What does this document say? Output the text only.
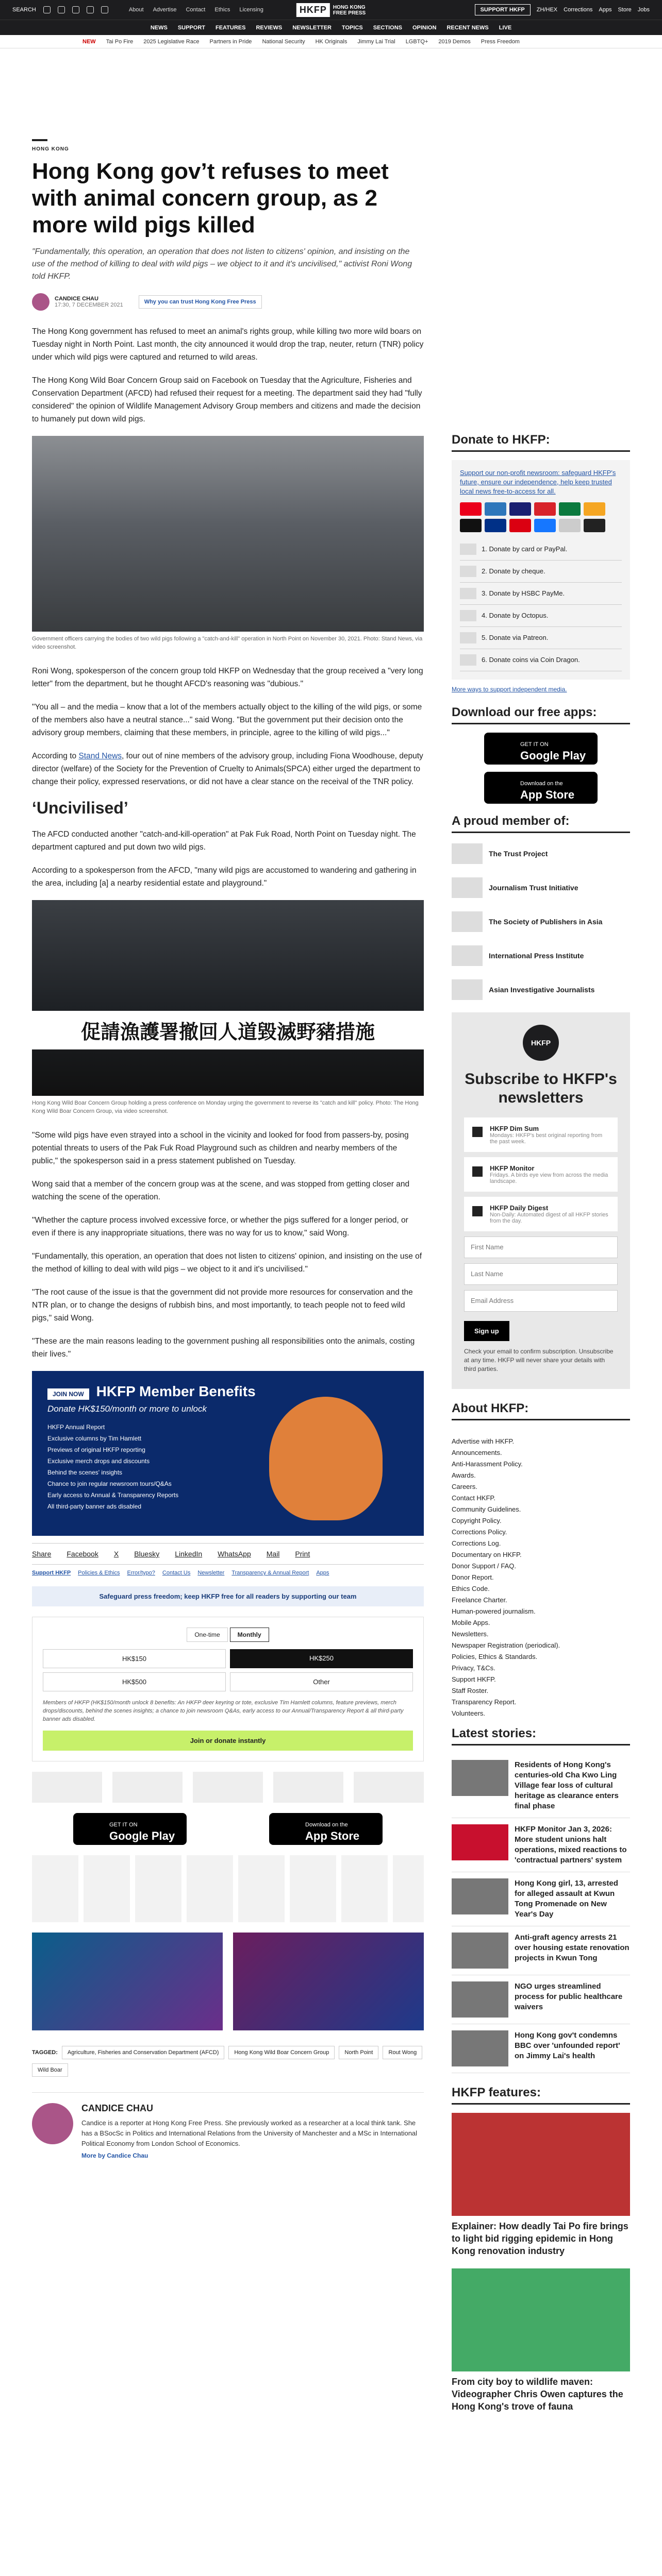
SEARCH	About Advertise Contact Ethics Licensing	HKFP	HONG KONG
FREE PRESS	SUPPORT HKFP	ZH/HEX Corrections Apps Store Jobs
NEWS SUPPORT FEATURES REVIEWS NEWSLETTER TOPICS SECTIONS OPINION RECENT NEWS LIVE
NEW Tai Po Fire 2025 Legislative Race Partners in Pride National Security HK Originals Jimmy Lai Trial LGBTQ+ 2019 Demos Press Freedom
HONG KONG
Hong Kong gov’t refuses to meet with animal concern group, as 2 more wild pigs killed

"Fundamentally, this operation, an operation that does not listen to citizens' opinion, and insisting on the use of the method of killing to deal with wild pigs – we object to it and it's uncivilised," activist Roni Wong told HKFP.

CANDICE CHAU
17:30, 7 DECEMBER 2021	Why you can trust Hong Kong Free Press

The Hong Kong government has refused to meet an animal's rights group, while killing two more wild boars on Tuesday night in North Point. Last month, the city announced it would drop the trap, neuter, return (TNR) policy under which wild pigs were captured and returned to wild areas.

The Hong Kong Wild Boar Concern Group said on Facebook on Tuesday that the Agriculture, Fisheries and Conservation Department (AFCD) had refused their request for a meeting. The department said they had "fully considered" the opinion of Wildlife Management Advisory Group members and citizens and made the decision to humanely put down wild pigs.

Government officers carrying the bodies of two wild pigs following a "catch-and-kill" operation in North Point on November 30, 2021. Photo: Stand News, via video screenshot.

Roni Wong, spokesperson of the concern group told HKFP on Wednesday that the group received a "very long letter" from the department, but he thought AFCD's reasoning was "dubious."

"You all – and the media – know that a lot of the members actually object to the killing of the wild pigs, or some of the members also have a neutral stance..." said Wong. "But the government put their decision onto the advisory group members, claiming that these members, in principle, agree to the killing of wild pigs..."

According to Stand News, four out of nine members of the advisory group, including Fiona Woodhouse, deputy director (welfare) of the Society for the Prevention of Cruelty to Animals(SPCA) either urged the department to change their policy, expressed reservations, or did not have a clear stance on the receival of the TNR policy.

‘Uncivilised’

The AFCD conducted another "catch-and-kill-operation" at Pak Fuk Road, North Point on Tuesday night. The department captured and put down two wild pigs.

According to a spokesperson from the AFCD, "many wild pigs are accustomed to wandering and gathering in the area, including [a] a nearby residential estate and playground."

促請漁護署撤回人道毀滅野豬措施
Hong Kong Wild Boar Concern Group holding a press conference on Monday urging the government to reverse its "catch and kill" policy. Photo: The Hong Kong Wild Boar Concern Group, via video screenshot.

"Some wild pigs have even strayed into a school in the vicinity and looked for food from passers-by, posing potential threats to users of the Pak Fuk Road Playground such as children and nearby members of the public," the spokesperson said in a press statement published on Tuesday.

Wong said that a member of the concern group was at the scene, and was stopped from getting closer and watching the scene of the operation.

"Whether the capture process involved excessive force, or whether the pigs suffered for a longer period, or even if there is any inappropriate situations, there was no way for us to know," said Wong.

"Fundamentally, this operation, an operation that does not listen to citizens' opinion, and insisting on the use of the method of killing to deal with wild pigs – we object to it and it's uncivilised."

"The root cause of the issue is that the government did not provide more resources for conservation and the NTR plan, or to change the designs of rubbish bins, and most importantly, to teach people not to feed wild pigs," said Wong.

"These are the main reasons leading to the government pushing all responsibilities onto the animals, costing their lives."

JOIN NOW HKFP Member Benefits
Donate HK$150/month or more to unlock
HKFP Annual Report
Exclusive columns by Tim Hamlett
Previews of original HKFP reporting
Exclusive merch drops and discounts
Behind the scenes' insights
Chance to join regular newsroom tours/Q&As
Early access to Annual & Transparency Reports
All third-party banner ads disabled
Share Facebook X Bluesky LinkedIn WhatsApp Mail Print
Support HKFP Policies & Ethics Error/typo? Contact Us Newsletter Transparency & Annual Report Apps
Safeguard press freedom; keep HKFP free for all readers by supporting our team
One-time	Monthly
HK$150	HK$250
HK$500	Other

Members of HKFP (HK$150/month unlock 8 benefits: An HKFP deer keyring or tote, exclusive Tim Hamlett columns, feature previews, merch drops/discounts, behind the scenes insights; a chance to join newsroom Q&As, early access to our Annual/Transparency Report & all third-party banner ads disabled.

Join or donate instantly
GET IT ON
Google Play
Download on the
App Store
TAGGED:	Agriculture, Fisheries and Conservation Department (AFCD)	Hong Kong Wild Boar Concern Group	North Point	Rout Wong
Wild Boar
CANDICE CHAU

Candice is a reporter at Hong Kong Free Press. She previously worked as a researcher at a local think tank. She has a BSocSc in Politics and International Relations from the University of Manchester and a MSc in International Political Economy from London School of Economics.

More by Candice Chau
Donate to HKFP:

Support our non-profit newsroom: safeguard HKFP's future, ensure our independence, help keep trusted local news free-to-access for all.

1. Donate by card or PayPal.
2. Donate by cheque.
3. Donate by HSBC PayMe.
4. Donate by Octopus.
5. Donate via Patreon.
6. Donate coins via Coin Dragon.
More ways to support independent media.
Download our free apps:
GET IT ON
Google Play
Download on the
App Store
A proud member of:
The Trust Project
Journalism Trust Initiative
The Society of Publishers in Asia
International Press Institute
Asian Investigative Journalists
HKFP
Subscribe to HKFP's newsletters
HKFP Dim Sum
Mondays: HKFP's best original reporting from the past week.
HKFP Monitor
Fridays. A birds eye view from across the media landscape.
HKFP Daily Digest
Non-Daily: Automated digest of all HKFP stories from the day.
First Name
Last Name
Email Address
Sign up

Check your email to confirm subscription. Unsubscribe at any time. HKFP will never share your details with third parties.

About HKFP:
Advertise with HKFP.
Announcements.
Anti-Harassment Policy.
Awards.
Careers.
Contact HKFP.
Community Guidelines.
Copyright Policy.
Corrections Policy.
Corrections Log.
Documentary on HKFP.
Donor Support / FAQ.
Donor Report.
Ethics Code.
Freelance Charter.
Human-powered journalism.
Mobile Apps.
Newsletters.
Newspaper Registration (periodical).
Policies, Ethics & Standards.
Privacy, T&Cs.
Support HKFP.
Staff Roster.
Transparency Report.
Volunteers.
Latest stories:
Residents of Hong Kong's centuries-old Cha Kwo Ling Village fear loss of cultural heritage as clearance enters final phase
HKFP Monitor Jan 3, 2026: More student unions halt operations, mixed reactions to 'contractual partners' system
Hong Kong girl, 13, arrested for alleged assault at Kwun Tong Promenade on New Year's Day
Anti-graft agency arrests 21 over housing estate renovation projects in Kwun Tong
NGO urges streamlined process for public healthcare waivers
Hong Kong gov't condemns BBC over 'unfounded report' on Jimmy Lai's health
HKFP features:
Explainer: How deadly Tai Po fire brings to light bid rigging epidemic in Hong Kong renovation industry
From city boy to wildlife maven: Videographer Chris Owen captures the Hong Kong's trove of fauna
